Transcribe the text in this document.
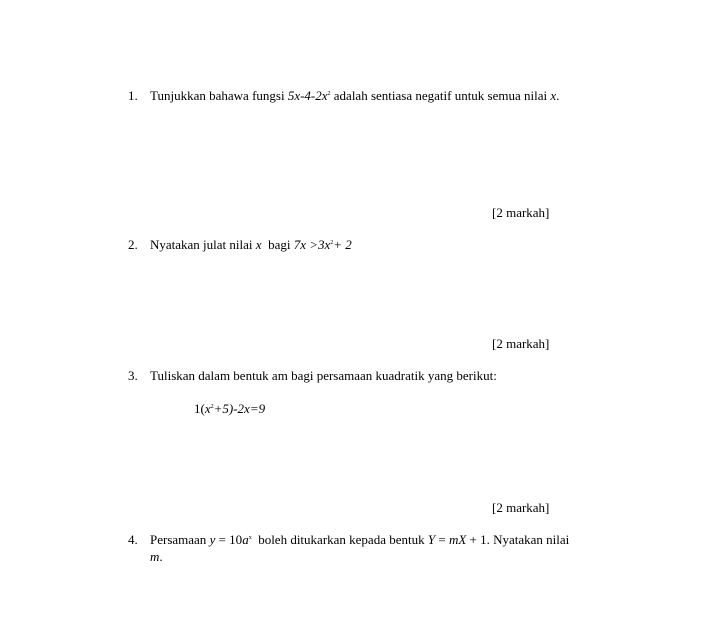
1. Tunjukkan bahawa fungsi $5x-4-2x^2$ adalah sentiasa negatif untuk semua nilai x.
[2 markah]
2. Nyatakan julat nilai x  bagi $7x >3x^2+ 2$
[2 markah]
3. Tuliskan dalam bentuk am bagi persamaan kuadratik yang berikut:
$1(x^2+5)-2x=9$
[2 markah]
4. Persamaan $y = 10a^x$  boleh ditukarkan kepada bentuk Y = mX + 1. Nyatakan nilai
m.
